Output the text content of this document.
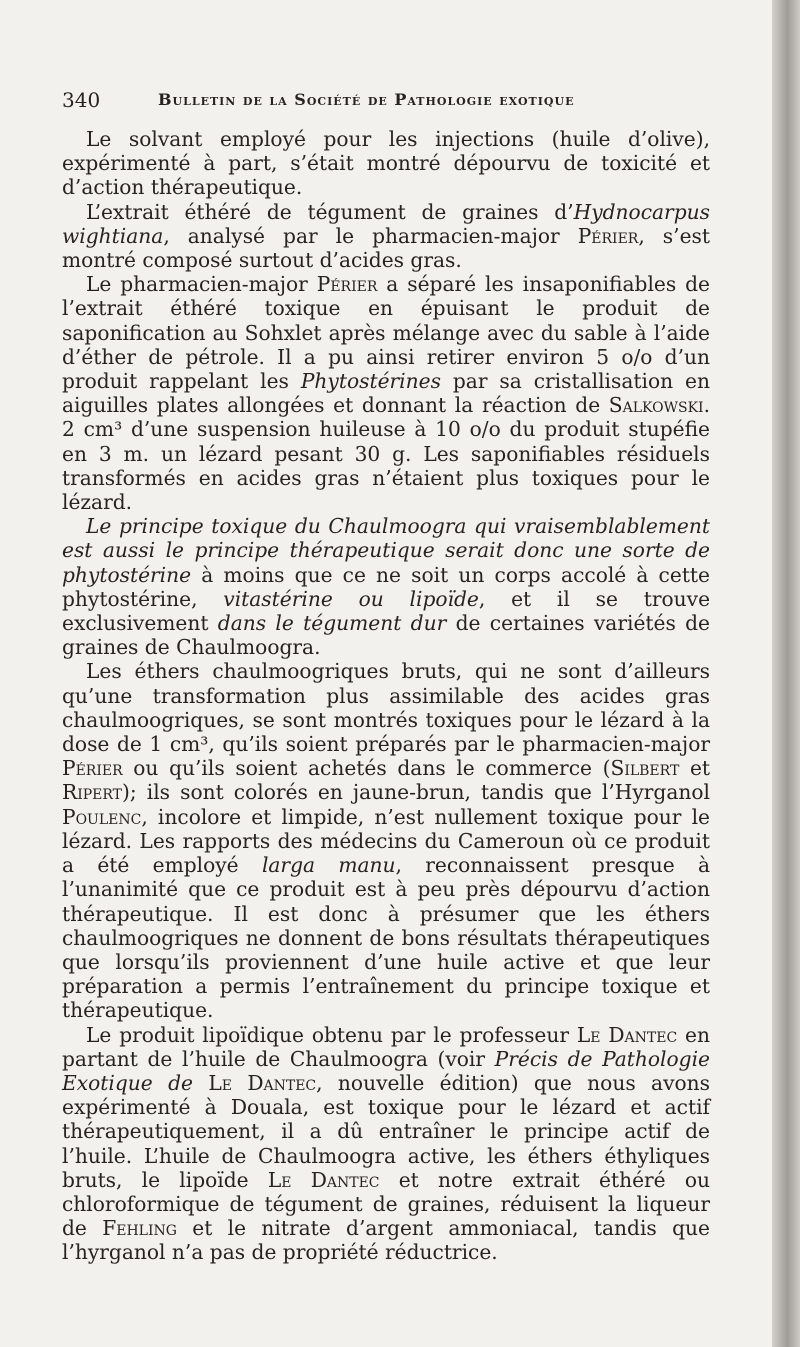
340	Bulletin de la Société de Pathologie exotique

Le solvant employé pour les injections (huile d’olive), expérimenté à part, s’était montré dépourvu de toxicité et d’action thérapeutique.

L’extrait éthéré de tégument de graines d’Hydnocarpus wightiana, analysé par le pharmacien-major Périer, s’est montré composé surtout d’acides gras.

Le pharmacien-major Périer a séparé les insaponifiables de l’extrait éthéré toxique en épuisant le produit de saponification au Sohxlet après mélange avec du sable à l’aide d’éther de pétrole. Il a pu ainsi retirer environ 5 o/o d’un produit rappelant les Phytostérines par sa cristallisation en aiguilles plates allongées et donnant la réaction de Salkowski. 2 cm³ d’une suspension huileuse à 10 o/o du produit stupéfie en 3 m. un lézard pesant 30 g. Les saponifiables résiduels transformés en acides gras n’étaient plus toxiques pour le lézard.

Le principe toxique du Chaulmoogra qui vraisemblablement est aussi le principe thérapeutique serait donc une sorte de phytostérine à moins que ce ne soit un corps accolé à cette phytostérine, vitastérine ou lipoïde, et il se trouve exclusivement dans le tégument dur de certaines variétés de graines de Chaulmoogra.

Les éthers chaulmoogriques bruts, qui ne sont d’ailleurs qu’une transformation plus assimilable des acides gras chaulmoogriques, se sont montrés toxiques pour le lézard à la dose de 1 cm³, qu’ils soient préparés par le pharmacien-major Périer ou qu’ils soient achetés dans le commerce (Silbert et Ripert); ils sont colorés en jaune-brun, tandis que l’Hyrganol Poulenc, incolore et limpide, n’est nullement toxique pour le lézard. Les rapports des médecins du Cameroun où ce produit a été employé larga manu, reconnaissent presque à l’unanimité que ce produit est à peu près dépourvu d’action thérapeutique. Il est donc à présumer que les éthers chaulmoogriques ne donnent de bons résultats thérapeutiques que lorsqu’ils proviennent d’une huile active et que leur préparation a permis l’entraînement du principe toxique et thérapeutique.

Le produit lipoïdique obtenu par le professeur Le Dantec en partant de l’huile de Chaulmoogra (voir Précis de Pathologie Exotique de Le Dantec, nouvelle édition) que nous avons expérimenté à Douala, est toxique pour le lézard et actif thérapeutiquement, il a dû entraîner le principe actif de l’huile. L’huile de Chaulmoogra active, les éthers éthyliques bruts, le lipoïde Le Dantec et notre extrait éthéré ou chloroformique de tégument de graines, réduisent la liqueur de Fehling et le nitrate d’argent ammoniacal, tandis que l’hyrganol n’a pas de propriété réductrice.
